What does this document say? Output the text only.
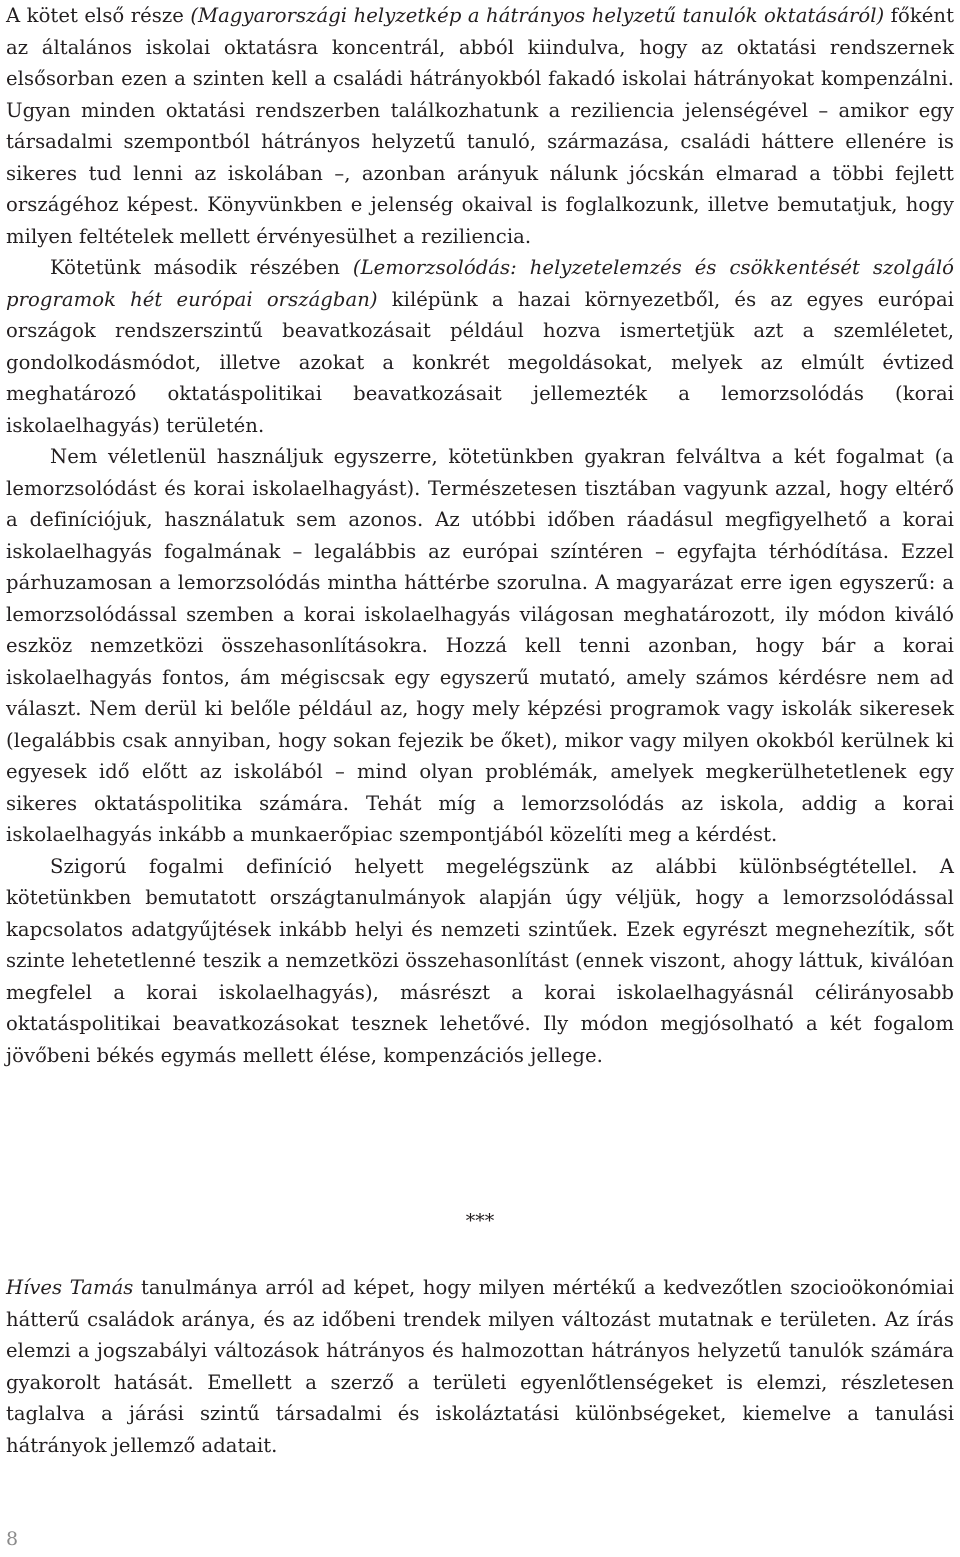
A kötet első része (Magyarországi helyzetkép a hátrányos helyzetű tanulók oktatásáról) főként az általános iskolai oktatásra koncentrál, abból kiindulva, hogy az oktatási rendszernek elsősorban ezen a szinten kell a családi hátrányokból fakadó iskolai hátrányokat kompenzálni. Ugyan minden oktatási rendszerben találkozhatunk a reziliencia jelenségével – amikor egy társadalmi szempontból hátrányos helyzetű tanuló, származása, családi háttere ellenére is sikeres tud lenni az iskolában –, azonban arányuk nálunk jócskán elmarad a többi fejlett országéhoz képest. Könyvünkben e jelenség okaival is foglalkozunk, illetve bemutatjuk, hogy milyen feltételek mellett érvényesülhet a reziliencia.

Kötetünk második részében (Lemorzsolódás: helyzetelemzés és csökkentését szolgáló programok hét európai országban) kilépünk a hazai környezetből, és az egyes európai országok rendszerszintű beavatkozásait például hozva ismertetjük azt a szemléletet, gondolkodásmódot, illetve azokat a konkrét megoldásokat, melyek az elmúlt évtized meghatározó oktatáspolitikai beavatkozásait jellemezték a lemorzsolódás (korai iskolaelhagyás) területén.

Nem véletlenül használjuk egyszerre, kötetünkben gyakran felváltva a két fogalmat (a lemorzsolódást és korai iskolaelhagyást). Természetesen tisztában vagyunk azzal, hogy eltérő a definíciójuk, használatuk sem azonos. Az utóbbi időben ráadásul megfigyelhető a korai iskolaelhagyás fogalmának – legalábbis az európai színtéren – egyfajta térhódítása. Ezzel párhuzamosan a lemorzsolódás mintha háttérbe szorulna. A magyarázat erre igen egyszerű: a lemorzsolódással szemben a korai iskolaelhagyás világosan meghatározott, ily módon kiváló eszköz nemzetközi összehasonlításokra. Hozzá kell tenni azonban, hogy bár a korai iskolaelhagyás fontos, ám mégiscsak egy egyszerű mutató, amely számos kérdésre nem ad választ. Nem derül ki belőle például az, hogy mely képzési programok vagy iskolák sikeresek (legalábbis csak annyiban, hogy sokan fejezik be őket), mikor vagy milyen okokból kerülnek ki egyesek idő előtt az iskolából – mind olyan problémák, amelyek megkerülhetetlenek egy sikeres oktatáspolitika számára. Tehát míg a lemorzsolódás az iskola, addig a korai iskolaelhagyás inkább a munkaerőpiac szempontjából közelíti meg a kérdést.

Szigorú fogalmi definíció helyett megelégszünk az alábbi különbségtétellel. A kötetünkben bemutatott országtanulmányok alapján úgy véljük, hogy a lemorzsolódással kapcsolatos adatgyűjtések inkább helyi és nemzeti szintűek. Ezek egyrészt megnehezítik, sőt szinte lehetetlenné teszik a nemzetközi összehasonlítást (ennek viszont, ahogy láttuk, kiválóan megfelel a korai iskolaelhagyás), másrészt a korai iskolaelhagyásnál célirányosabb oktatáspolitikai beavatkozásokat tesznek lehetővé. Ily módon megjósolható a két fogalom jövőbeni békés egymás mellett élése, kompenzációs jellege.

***

Híves Tamás tanulmánya arról ad képet, hogy milyen mértékű a kedvezőtlen szocioökonómiai hátterű családok aránya, és az időbeni trendek milyen változást mutatnak e területen. Az írás elemzi a jogszabályi változások hátrányos és halmozottan hátrányos helyzetű tanulók számára gyakorolt hatását. Emellett a szerző a területi egyenlőtlenségeket is elemzi, részletesen taglalva a járási szintű társadalmi és iskoláztatási különbségeket, kiemelve a tanulási hátrányok jellemző adatait.

8
